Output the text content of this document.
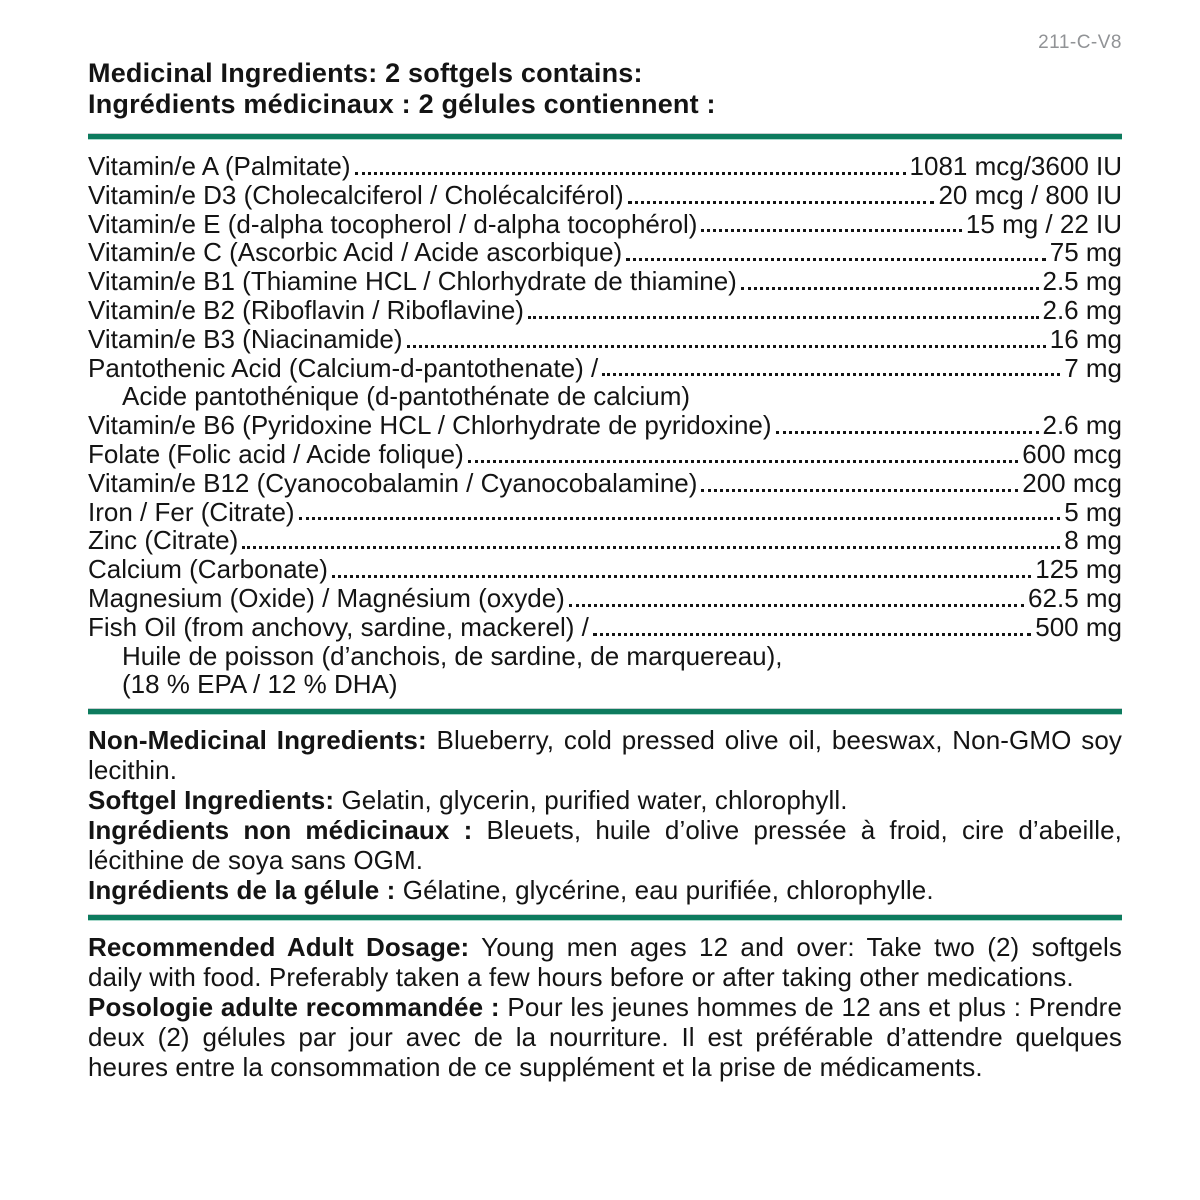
211-C-V8
Medicinal Ingredients: 2 softgels contains:
Ingrédients médicinaux : 2 gélules contiennent :
Vitamin/e A (Palmitate)	1081 mcg/3600 IU
Vitamin/e D3 (Cholecalciferol / Cholécalciférol)	20 mcg / 800 IU
Vitamin/e E (d-alpha tocopherol / d-alpha tocophérol)	15 mg / 22 IU
Vitamin/e C (Ascorbic Acid / Acide ascorbique)	75 mg
Vitamin/e B1 (Thiamine HCL / Chlorhydrate de thiamine)	2.5 mg
Vitamin/e B2 (Riboflavin / Riboflavine)	2.6 mg
Vitamin/e B3 (Niacinamide)	16 mg
Pantothenic Acid (Calcium-d-pantothenate) /	7 mg
Acide pantothénique (d-pantothénate de calcium)
Vitamin/e B6 (Pyridoxine HCL / Chlorhydrate de pyridoxine)	2.6 mg
Folate (Folic acid / Acide folique)	600 mcg
Vitamin/e B12 (Cyanocobalamin / Cyanocobalamine)	200 mcg
Iron / Fer (Citrate)	5 mg
Zinc (Citrate)	8 mg
Calcium (Carbonate)	125 mg
Magnesium (Oxide) / Magnésium (oxyde)	62.5 mg
Fish Oil (from anchovy, sardine, mackerel) /	500 mg
Huile de poisson (d’anchois, de sardine, de marquereau),
(18 % EPA / 12 % DHA)

Non-Medicinal Ingredients: Blueberry, cold pressed olive oil, beeswax, Non-GMO soy lecithin.

Softgel Ingredients: Gelatin, glycerin, purified water, chlorophyll.

Ingrédients non médicinaux : Bleuets, huile d’olive pressée à froid, cire d’abeille, lécithine de soya sans OGM.

Ingrédients de la gélule : Gélatine, glycérine, eau purifiée, chlorophylle.

Recommended Adult Dosage: Young men ages 12 and over: Take two (2) softgels daily with food. Preferably taken a few hours before or after taking other medications.

Posologie adulte recommandée : Pour les jeunes hommes de 12 ans et plus : Prendre deux (2) gélules par jour avec de la nourriture. Il est préférable d’attendre quelques heures entre la consommation de ce supplément et la prise de médicaments.
